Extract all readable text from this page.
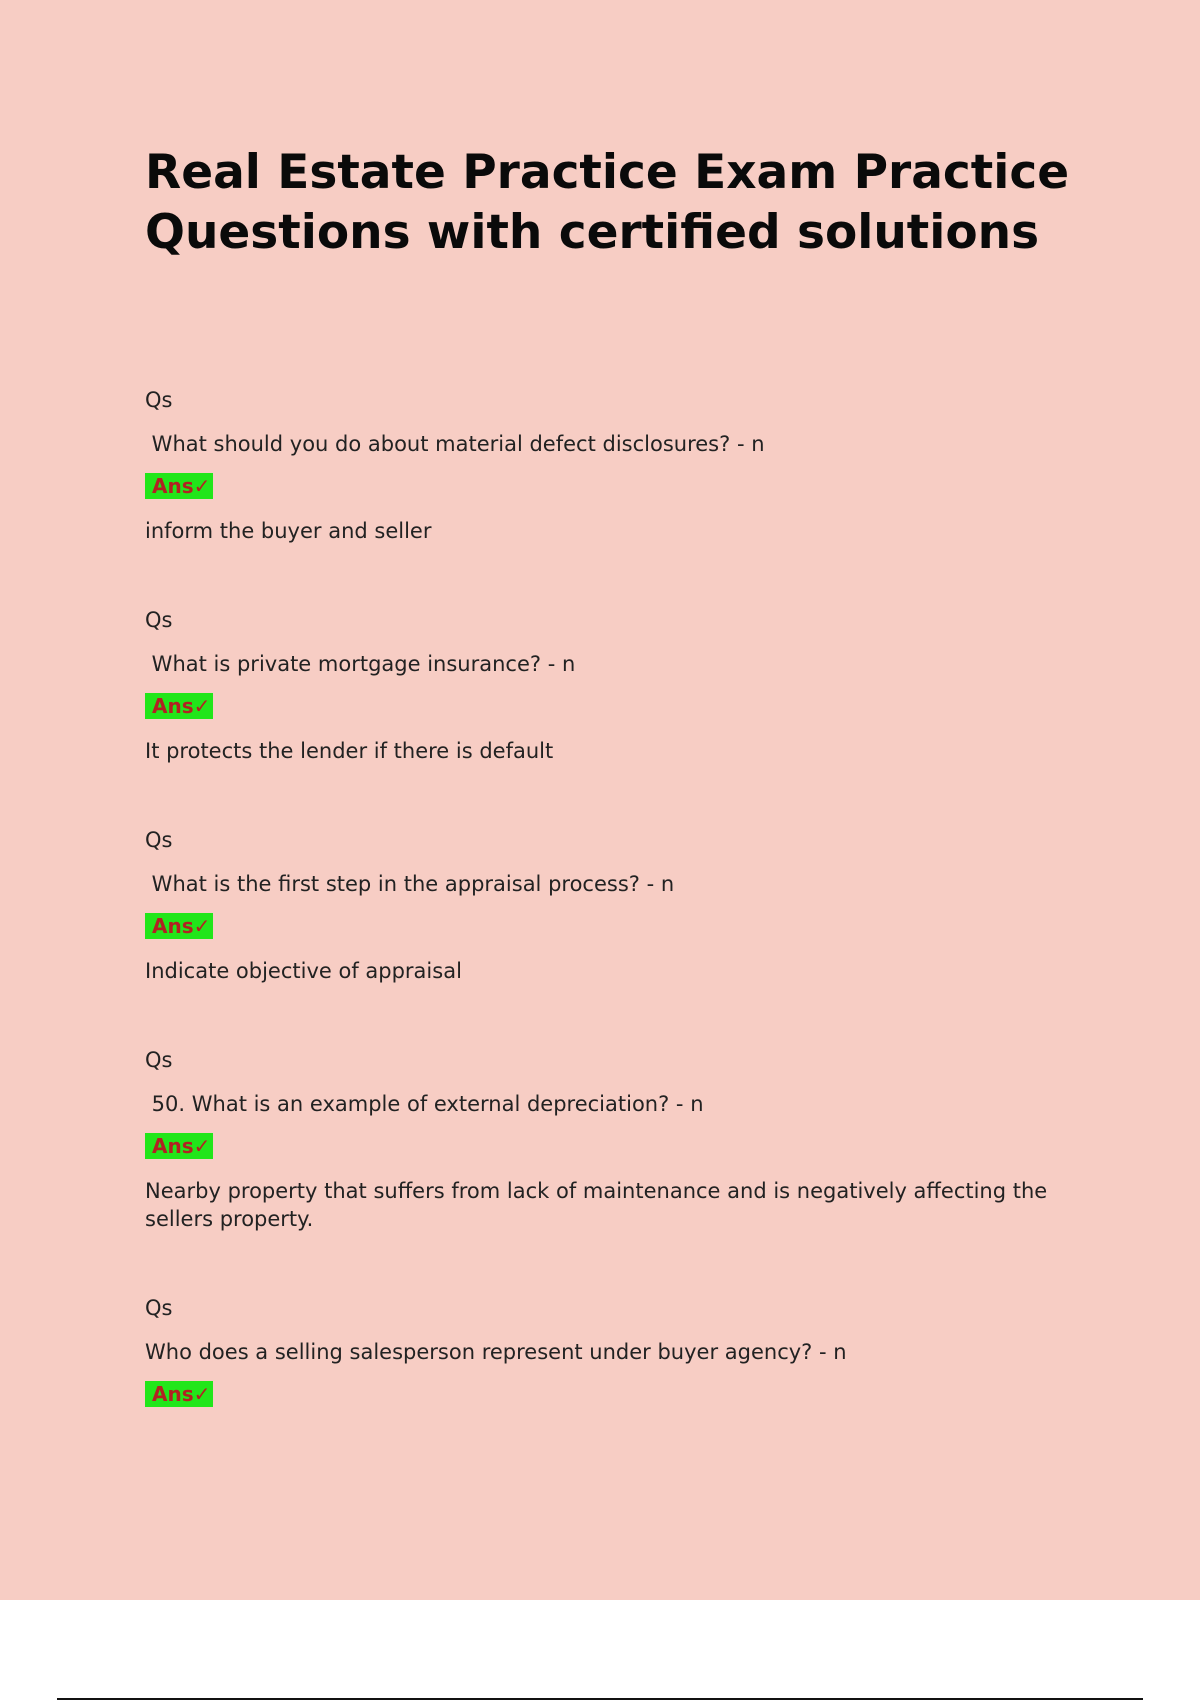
Real Estate Practice Exam Practice Questions with certified solutions
Qs
What should you do about material defect disclosures? - n
Ans✓
inform the buyer and seller
Qs
What is private mortgage insurance? - n
Ans✓
It protects the lender if there is default
Qs
What is the first step in the appraisal process? - n
Ans✓
Indicate objective of appraisal
Qs
50. What is an example of external depreciation? - n
Ans✓
Nearby property that suffers from lack of maintenance and is negatively affecting the sellers property.
Qs
Who does a selling salesperson represent under buyer agency? - n
Ans✓
